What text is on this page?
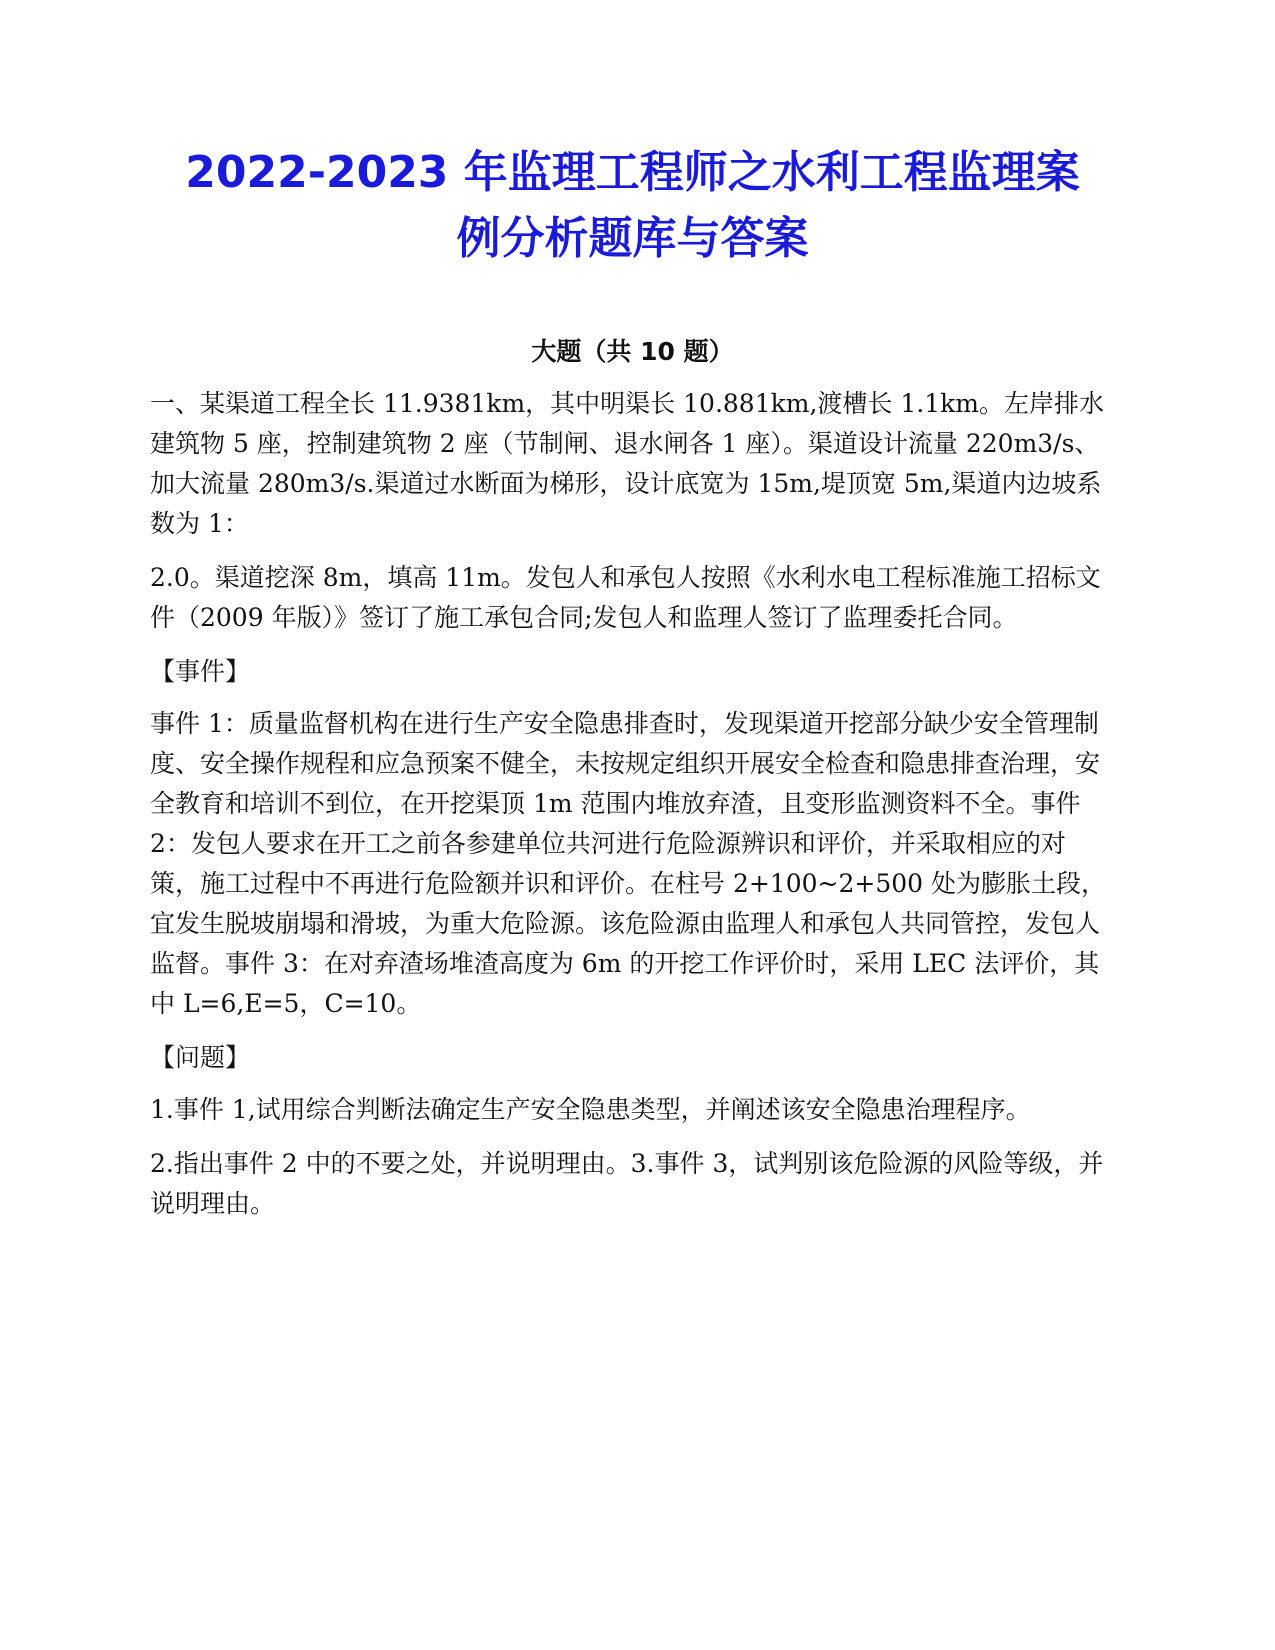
2022-2023 年监理工程师之水利工程监理案
例分析题库与答案
大题（共 10 题）

一、某渠道工程全长 11.9381km，其中明渠长 10.881km,渡槽长 1.1km。左岸排水建筑物 5 座，控制建筑物 2 座（节制闸、退水闸各 1 座）。渠道设计流量 220m3/s、加大流量 280m3/s.渠道过水断面为梯形，设计底宽为 15m,堤顶宽 5m,渠道内边坡系数为 1：

2.0。渠道挖深 8m，填高 11m。发包人和承包人按照《水利水电工程标准施工招标文件（2009 年版）》签订了施工承包合同;发包人和监理人签订了监理委托合同。

【事件】

事件 1：质量监督机构在进行生产安全隐患排查时，发现渠道开挖部分缺少安全管理制度、安全操作规程和应急预案不健全，未按规定组织开展安全检查和隐患排查治理，安全教育和培训不到位，在开挖渠顶 1m 范围内堆放弃渣，且变形监测资料不全。事件 2：发包人要求在开工之前各参建单位共河进行危险源辨识和评价，并采取相应的对策，施工过程中不再进行危险额并识和评价。在柱号 2+100~2+500 处为膨胀土段，宜发生脱坡崩塌和滑坡，为重大危险源。该危险源由监理人和承包人共同管控，发包人监督。事件 3：在对弃渣场堆渣高度为 6m 的开挖工作评价时，采用 LEC 法评价，其中 L=6,E=5，C=10。

【问题】

1.事件 1,试用综合判断法确定生产安全隐患类型，并阐述该安全隐患治理程序。

2.指出事件 2 中的不要之处，并说明理由。3.事件 3，试判别该危险源的风险等级，并说明理由。
